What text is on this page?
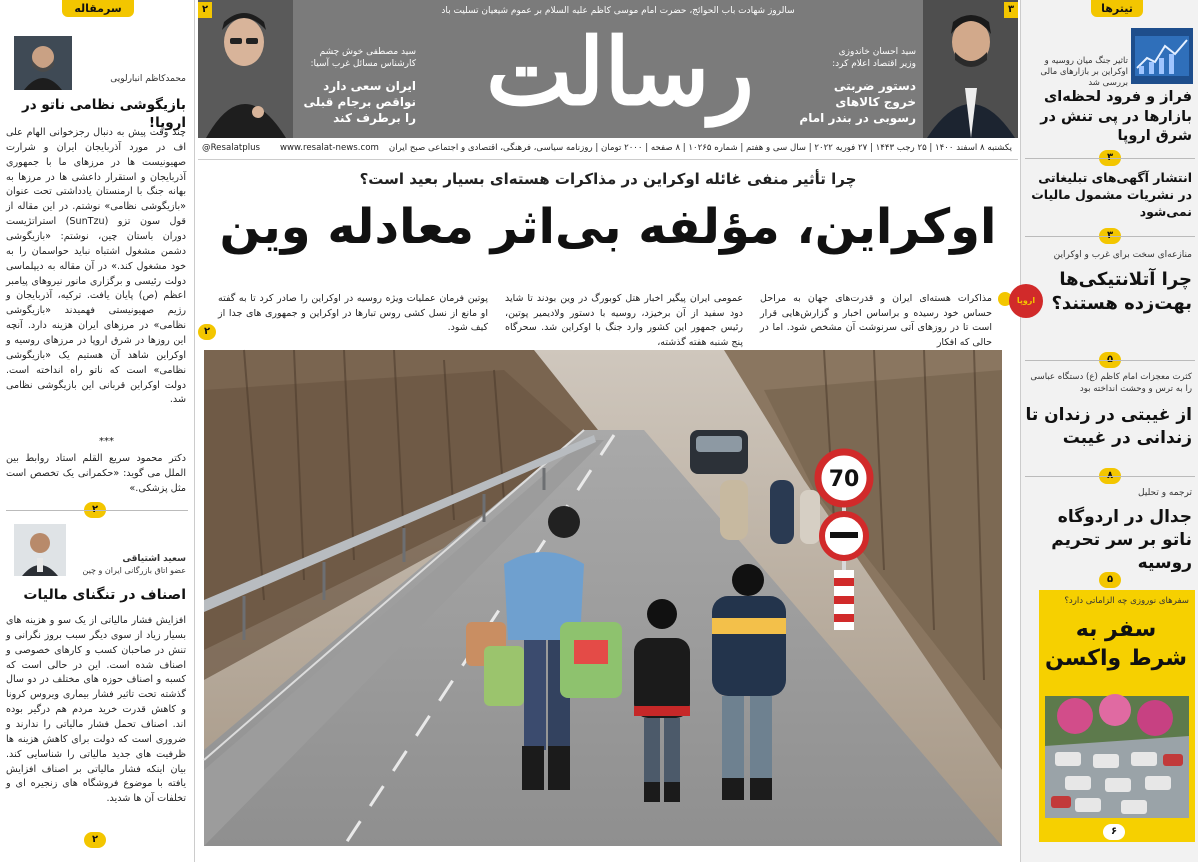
سرمقاله
محمدکاظم انبارلویی
بازیگوشی نظامی ناتو در اروپا!
چند وقت پیش به دنبال رجزخوانی الهام علی اف در مورد آذربایجان ایران و شرارت صهیونیست ها در مرزهای ما با جمهوری آذربایجان و استقرار داعشی ها در مرزها به بهانه جنگ با ارمنستان یادداشتی تحت عنوان «بازیگوشی نظامی» نوشتم. در این مقاله از قول سون تزو (SunTzu) استراتژیست دوران باستان چین، نوشتم: «بازیگوشی دشمن مشغول اشتباه نباید حواسمان را به خود مشغول کند.» در آن مقاله به دیپلماسی دولت رئیسی و برگزاری مانور نیروهای پیامبر اعظم (ص) پایان یافت. ترکیه، آذربایجان و رژیم صهیونیستی فهمیدند «بازیگوشی نظامی» در مرزهای ایران هزینه دارد. آنچه این روزها در شرق اروپا در مرزهای روسیه و اوکراین شاهد آن هستیم یک «بازیگوشی نظامی» است که ناتو راه انداخته است. دولت اوکراین قربانی این بازیگوشی نظامی شد.
***
دکتر محمود سریع القلم استاد روابط بین الملل می گوید: «حکمرانی یک تخصص است مثل پزشکی.»
سعید اشتیاقی
عضو اتاق بازرگانی ایران و چین
اصناف در تنگنای مالیات
افزایش فشار مالیاتی از یک سو و هزینه های بسیار زیاد از سوی دیگر سبب بروز نگرانی و تنش در صاحبان کسب و کارهای خصوصی و اصناف شده است. این در حالی است که کسبه و اصناف حوزه های مختلف در دو سال گذشته تحت تاثیر فشار بیماری ویروس کرونا و کاهش قدرت خرید مردم هم درگیر بوده اند. اصناف تحمل فشار مالیاتی را ندارند و ضروری است که دولت برای کاهش هزینه ها ظرفیت های جدید مالیاتی را شناسایی کند. بیان اینکه فشار مالیاتی بر اصناف افزایش یافته با موضوع فروشگاه های زنجیره ای و تخلفات آن ها شدید.
۲
۲
سید مصطفی خوش چشم
کارشناس مسائل غرب آسیا:
ایران سعی دارد نواقص برجام قبلی را برطرف کند
سالروز شهادت باب الحوائج، حضرت امام موسی کاظم علیه السلام بر عموم شیعیان تسلیت باد
رسالت	سید احسان خاندوزی
وزیر اقتصاد اعلام کرد:
دستور ضربتی خروج کالاهای رسوبی در بندر امام
۳
یکشنبه ۸ اسفند ۱۴۰۰ | ۲۵ رجب ۱۴۴۳ | ۲۷ فوریه ۲۰۲۲ | سال سی و هفتم | شماره ۱۰۲۶۵ | ۸ صفحه | ۲۰۰۰ تومان | روزنامه سیاسی، فرهنگی، اقتصادی و اجتماعی صبح ایران
www.resalat-news.com
@Resalatplus
چرا تأثیر منفی غائله اوکراین در مذاکرات هسته‌ای بسیار بعید است؟
اوکراین، مؤلفه بی‌اثر معادله وین
مذاکرات هسته‌ای ایران و قدرت‌های جهان به مراحل حساس خود رسیده و براساس اخبار و گزارش‌هایی قرار است تا در روزهای آتی سرنوشت آن مشخص شود. اما در حالی که افکار
عمومی ایران پیگیر اخبار هتل کوبورگ در وین بودند تا شاید دود سفید از آن برخیزد، روسیه با دستور ولادیمیر پوتین، رئیس جمهور این کشور وارد جنگ با اوکراین شد. سحرگاه پنج شنبه هفته گذشته،
پوتین فرمان عملیات ویژه روسیه در اوکراین را صادر کرد تا به گفته او مانع از نسل کشی روس تبارها در اوکراین و جمهوری های جدا از کیف شود.
۲
70
تیترها
تاثیر جنگ میان روسیه و اوکراین بر بازارهای مالی بررسی شد
فراز و فرود لحظه‌ای بازارها در پی تنش در شرق اروپا
انتشار آگهی‌های تبلیغاتی در نشریات مشمول مالیات نمی‌شود
منازعه‌ای سخت برای غرب و اوکراین
چرا آتلانتیکی‌ها بهت‌زده هستند؟
اروپا
کثرت معجزات امام کاظم (ع) دستگاه عباسی را به ترس و وحشت انداخته بود
از غیبتی در زندان تا زندانی در غیبت
ترجمه و تحلیل
جدال در اردوگاه ناتو بر سر تحریم روسیه
۵
سفرهای نوروزی چه الزاماتی دارد؟
سفر به شرط واکسن
۶
